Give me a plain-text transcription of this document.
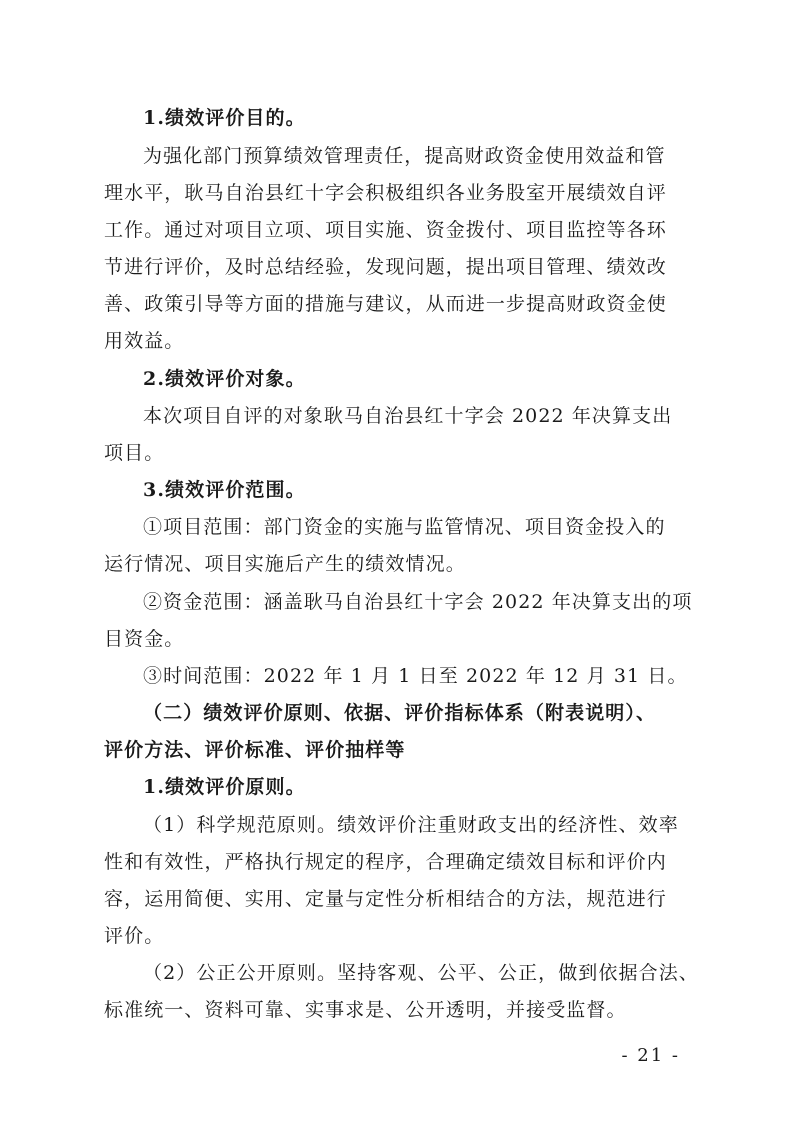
1.绩效评价目的。
为强化部门预算绩效管理责任，提高财政资金使用效益和管
理水平，耿马自治县红十字会积极组织各业务股室开展绩效自评
工作。通过对项目立项、项目实施、资金拨付、项目监控等各环
节进行评价，及时总结经验，发现问题，提出项目管理、绩效改
善、政策引导等方面的措施与建议，从而进一步提高财政资金使
用效益。
2.绩效评价对象。
本次项目自评的对象耿马自治县红十字会 2022 年决算支出
项目。
3.绩效评价范围。
①项目范围：部门资金的实施与监管情况、项目资金投入的
运行情况、项目实施后产生的绩效情况。
②资金范围：涵盖耿马自治县红十字会 2022 年决算支出的项
目资金。
③时间范围：2022 年 1 月 1 日至 2022 年 12 月 31 日。
（二）绩效评价原则、依据、评价指标体系（附表说明）、
评价方法、评价标准、评价抽样等
1.绩效评价原则。
（1）科学规范原则。绩效评价注重财政支出的经济性、效率
性和有效性，严格执行规定的程序，合理确定绩效目标和评价内
容，运用简便、实用、定量与定性分析相结合的方法，规范进行
评价。
（2）公正公开原则。坚持客观、公平、公正，做到依据合法、
标准统一、资料可靠、实事求是、公开透明，并接受监督。
- 21 -
